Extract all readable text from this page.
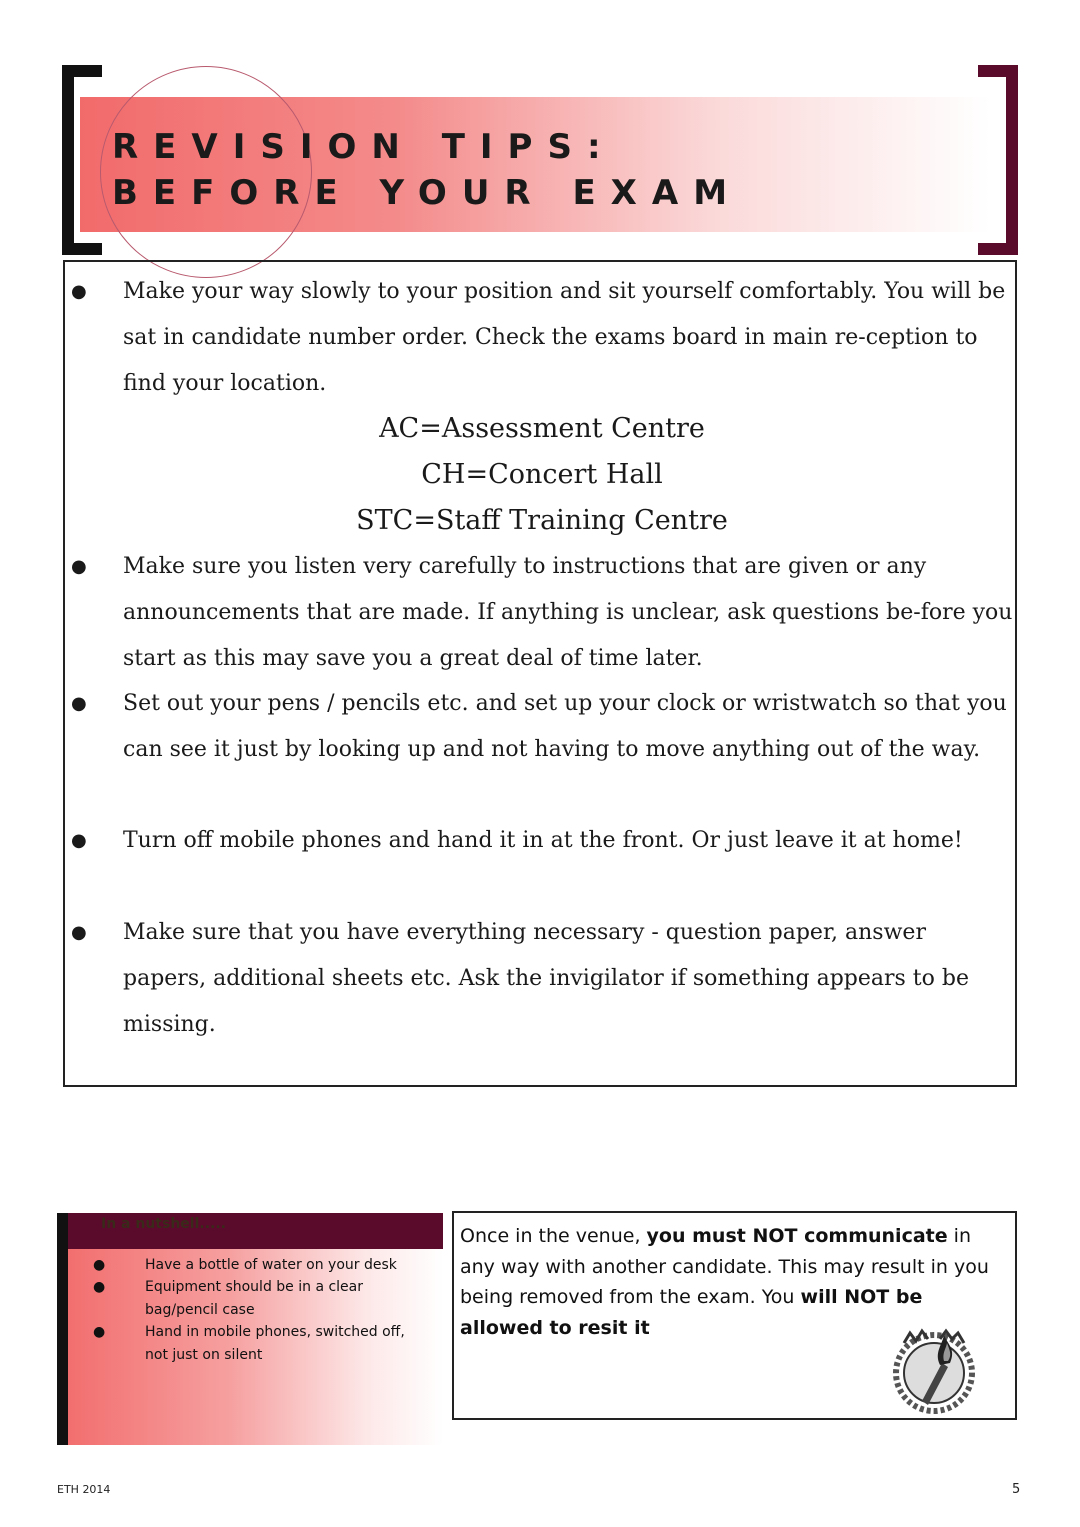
REVISION TIPS:
BEFORE YOUR EXAM
● Make your way slowly to your position and sit yourself comfortably. You will be sat in candidate number order. Check the exams board in main re-ception to find your location.
AC=Assessment Centre
CH=Concert Hall
STC=Staff Training Centre
● Make sure you listen very carefully to instructions that are given or any announcements that are made. If anything is unclear, ask questions be-fore you start as this may save you a great deal of time later.
● Set out your pens / pencils etc. and set up your clock or wristwatch so that you can see it just by looking up and not having to move anything out of the way.
● Turn off mobile phones and hand it in at the front. Or just leave it at home!
● Make sure that you have everything necessary - question paper, answer papers, additional sheets etc. Ask the invigilator if something appears to be missing.
In a nutshell.....
●	Have a bottle of water on your desk
●	Equipment should be in a clear bag/pencil case
●	Hand in mobile phones, switched off, not just on silent
Once in the venue, you must NOT communicate in any way with another candidate. This may result in you being removed from the exam. You will NOT be allowed to resit it
ETH 2014	5
